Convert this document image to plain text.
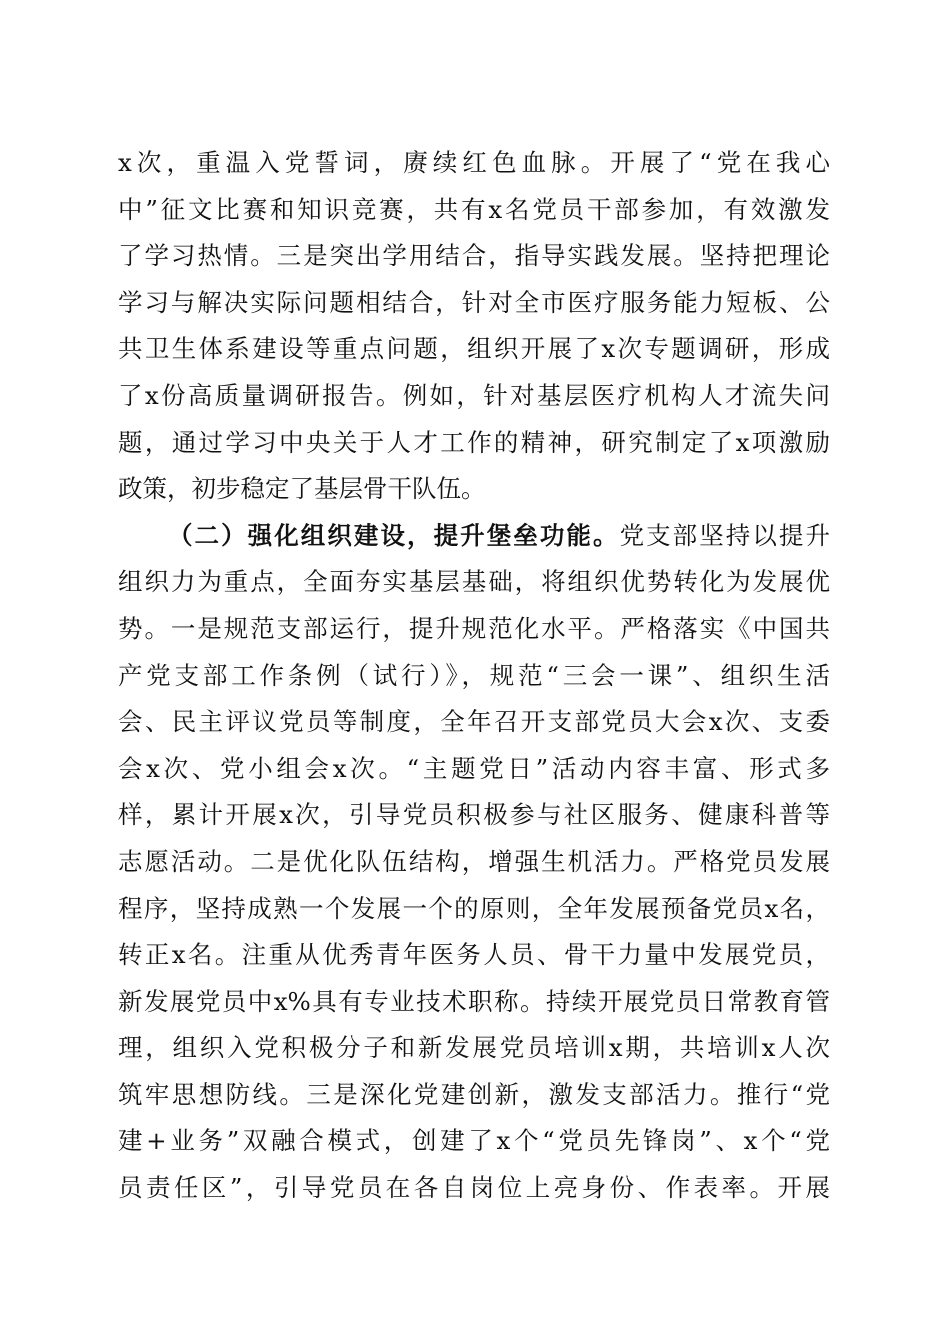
x次，重温入党誓词，赓续红色血脉。开展了“党在我心
中”征文比赛和知识竞赛，共有x名党员干部参加，有效激发
了学习热情。三是突出学用结合，指导实践发展。坚持把理论
学习与解决实际问题相结合，针对全市医疗服务能力短板、公
共卫生体系建设等重点问题，组织开展了x次专题调研，形成
了x份高质量调研报告。例如，针对基层医疗机构人才流失问
题，通过学习中央关于人才工作的精神，研究制定了x项激励
政策，初步稳定了基层骨干队伍。
（二）强化组织建设，提升堡垒功能。党支部坚持以提升
组织力为重点，全面夯实基层基础，将组织优势转化为发展优
势。一是规范支部运行，提升规范化水平。严格落实《中国共
产党支部工作条例（试行）》，规范“三会一课”、组织生活
会、民主评议党员等制度，全年召开支部党员大会x次、支委
会x次、党小组会x次。“主题党日”活动内容丰富、形式多
样，累计开展x次，引导党员积极参与社区服务、健康科普等
志愿活动。二是优化队伍结构，增强生机活力。严格党员发展
程序，坚持成熟一个发展一个的原则，全年发展预备党员x名，
转正x名。注重从优秀青年医务人员、骨干力量中发展党员，
新发展党员中x%具有专业技术职称。持续开展党员日常教育管
理，组织入党积极分子和新发展党员培训x期，共培训x人次
筑牢思想防线。三是深化党建创新，激发支部活力。推行“党
建+业务”双融合模式，创建了x个“党员先锋岗”、x个“党
员责任区”，引导党员在各自岗位上亮身份、作表率。开展
